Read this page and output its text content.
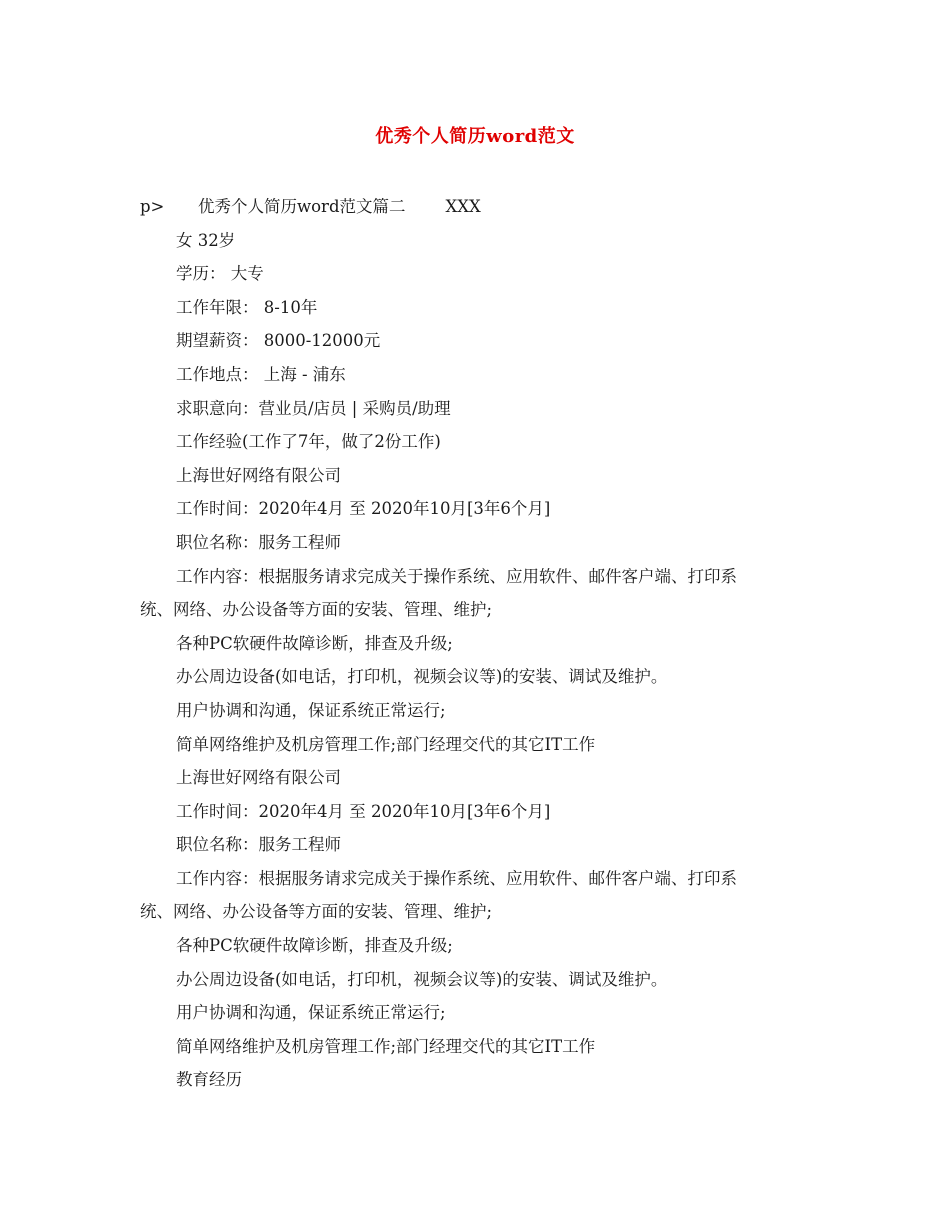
优秀个人简历word范文
p>	优秀个人简历word范文篇二 XXX
女 32岁
学历： 大专
工作年限： 8-10年
期望薪资： 8000-12000元
工作地点： 上海 - 浦东
求职意向：营业员/店员 | 采购员/助理
工作经验(工作了7年，做了2份工作)
上海世好网络有限公司
工作时间：2020年4月 至 2020年10月[3年6个月]
职位名称：服务工程师
工作内容：根据服务请求完成关于操作系统、应用软件、邮件客户端、打印系
统、网络、办公设备等方面的安装、管理、维护;
各种PC软硬件故障诊断，排查及升级;
办公周边设备(如电话，打印机，视频会议等)的安装、调试及维护。
用户协调和沟通，保证系统正常运行;
简单网络维护及机房管理工作;部门经理交代的其它IT工作
上海世好网络有限公司
工作时间：2020年4月 至 2020年10月[3年6个月]
职位名称：服务工程师
工作内容：根据服务请求完成关于操作系统、应用软件、邮件客户端、打印系
统、网络、办公设备等方面的安装、管理、维护;
各种PC软硬件故障诊断，排查及升级;
办公周边设备(如电话，打印机，视频会议等)的安装、调试及维护。
用户协调和沟通，保证系统正常运行;
简单网络维护及机房管理工作;部门经理交代的其它IT工作
教育经历
